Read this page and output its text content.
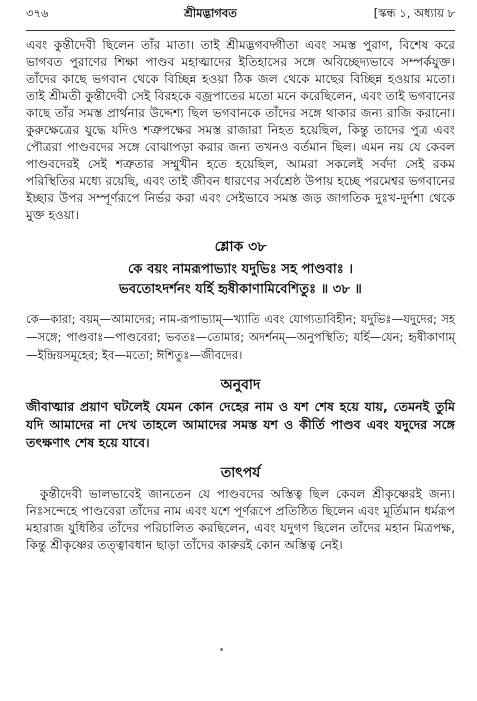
৩৭৬	শ্রীমদ্ভাগবত	[স্কন্ধ ১, অধ্যায় ৮

এবং কুন্তীদেবী ছিলেন তাঁর মাতা। তাই শ্রীমদ্ভগবদ্গীতা এবং সমস্ত পুরাণ, বিশেষ করে ভাগবত পুরাণের শিক্ষা পাণ্ডব মহাত্মাদের ইতিহাসের সঙ্গে অবিচ্ছেদ্যভাবে সম্পর্কযুক্ত। তাঁদের কাছে ভগবান থেকে বিচ্ছিন্ন হওয়া ঠিক জল থেকে মাছের বিচ্ছিন্ন হওয়ার মতো। তাই শ্রীমতী কুন্তীদেবী সেই বিরহকে বজ্রপাতের মতো মনে করেছিলেন, এবং তাই ভগবানের কাছে তাঁর সমস্ত প্রার্থনার উদ্দেশ্য ছিল ভগবানকে তাঁদের সঙ্গে থাকার জন্য রাজি করানো। কুরুক্ষেত্রের যুদ্ধে যদিও শত্রুপক্ষের সমস্ত রাজারা নিহত হয়েছিল, কিন্তু তাদের পুত্র এবং পৌত্ররা পাণ্ডবদের সঙ্গে বোঝাপড়া করার জন্য তখনও বর্তমান ছিল। এমন নয় যে কেবল পাণ্ডবদেরই সেই শত্রুতার সম্মুখীন হতে হয়েছিল, আমরা সকলেই সর্বদা সেই রকম পরিস্থিতির মধ্যে রয়েছি, এবং তাই জীবন ধারণের সর্বশ্রেষ্ঠ উপায় হচ্ছে পরমেশ্বর ভগবানের ইচ্ছার উপর সম্পূর্ণরূপে নির্ভর করা এবং সেইভাবে সমস্ত জড় জাগতিক দুঃখ-দুর্দশা থেকে মুক্ত হওয়া।

শ্লোক ৩৮
কে বয়ং নামরূপাভ্যাং যদুভিঃ সহ পাণ্ডবাঃ ।
ভবতোঽদর্শনং যর্হি হৃষীকাণামিবেশিতুঃ ॥ ৩৮ ॥

কে—কারা; বয়ম্—আমাদের; নাম-রূপাভ্যাম্—খ্যাতি এবং যোগ্যতাবিহীন; যদুভিঃ—যদুদের; সহ—সঙ্গে; পাণ্ডবাঃ—পাণ্ডবেরা; ভবতঃ—তোমার; অদর্শনম্—অনুপস্থিতি; যর্হি—যেন; হৃষীকাণাম্—ইন্দ্রিয়সমূহের; ইব—মতো; ঈশিতুঃ—জীবদের।

অনুবাদ

জীবাত্মার প্রয়াণ ঘটলেই যেমন কোন দেহের নাম ও যশ শেষ হয়ে যায়, তেমনই তুমি যদি আমাদের না দেখ তাহলে আমাদের সমস্ত যশ ও কীর্তি পাণ্ডব এবং যদুদের সঙ্গে তৎক্ষণাৎ শেষ হয়ে যাবে।

তাৎপর্য

কুন্তীদেবী ভালভাবেই জানতেন যে পাণ্ডবদের অস্তিত্ব ছিল কেবল শ্রীকৃষ্ণেরই জন্য। নিঃসন্দেহে পাণ্ডবেরা তাঁদের নাম এবং যশে পূর্ণরূপে প্রতিষ্ঠিত ছিলেন এবং মূর্তিমান ধর্মরূপ মহারাজ যুধিষ্ঠির তাঁদের পরিচালিত করছিলেন, এবং যদুগণ ছিলেন তাঁদের মহান মিত্রপক্ষ, কিন্তু শ্রীকৃষ্ণের তত্ত্বাবধান ছাড়া তাঁদের কারুরই কোন অস্তিত্ব নেই।
